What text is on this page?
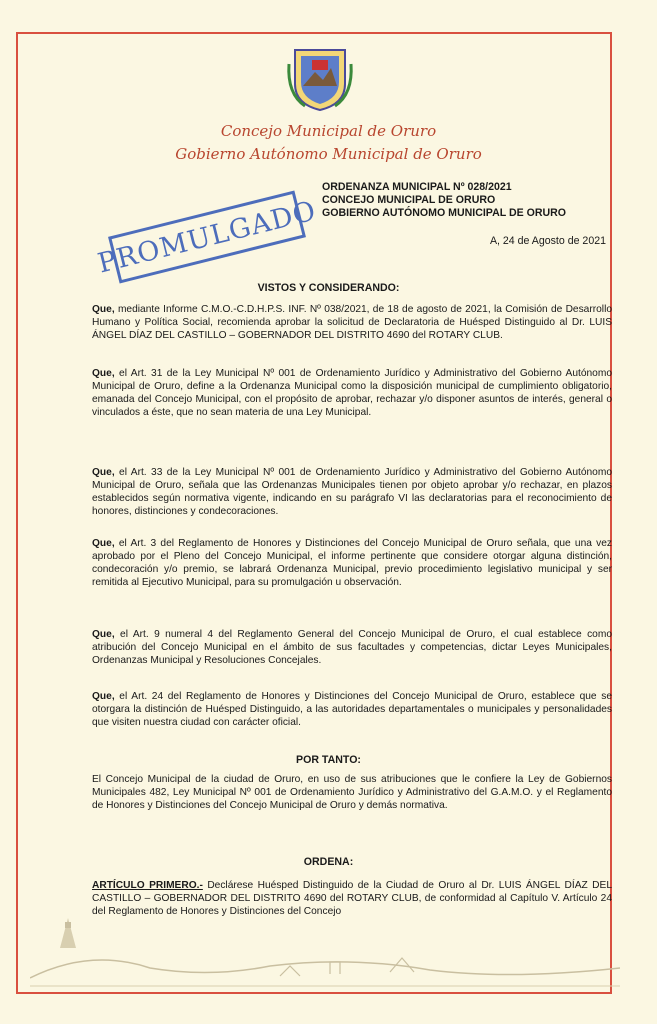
Concejo Municipal de Oruro
Gobierno Autónomo Municipal de Oruro
ORDENANZA MUNICIPAL Nº 028/2021
CONCEJO MUNICIPAL DE ORURO
GOBIERNO AUTÓNOMO MUNICIPAL DE ORURO
PROMULGADO	A, 24 de Agosto de 2021
VISTOS Y CONSIDERANDO:
Que, mediante Informe C.M.O.-C.D.H.P.S. INF. Nº 038/2021, de 18 de agosto de 2021, la Comisión de Desarrollo Humano y Política Social, recomienda aprobar la solicitud de Declaratoria de Huésped Distinguido al Dr. LUIS ÁNGEL DÍAZ DEL CASTILLO – GOBERNADOR DEL DISTRITO 4690 del ROTARY CLUB.
Que, el Art. 31 de la Ley Municipal Nº 001 de Ordenamiento Jurídico y Administrativo del Gobierno Autónomo Municipal de Oruro, define a la Ordenanza Municipal como la disposición municipal de cumplimiento obligatorio, emanada del Concejo Municipal, con el propósito de aprobar, rechazar y/o disponer asuntos de interés, general o vinculados a éste, que no sean materia de una Ley Municipal.
Que, el Art. 33 de la Ley Municipal Nº 001 de Ordenamiento Jurídico y Administrativo del Gobierno Autónomo Municipal de Oruro, señala que las Ordenanzas Municipales tienen por objeto aprobar y/o rechazar, en plazos establecidos según normativa vigente, indicando en su parágrafo VI las declaratorias para el reconocimiento de honores, distinciones y condecoraciones.
Que, el Art. 3 del Reglamento de Honores y Distinciones del Concejo Municipal de Oruro señala, que una vez aprobado por el Pleno del Concejo Municipal, el informe pertinente que considere otorgar alguna distinción, condecoración y/o premio, se labrará Ordenanza Municipal, previo procedimiento legislativo municipal y ser remitida al Ejecutivo Municipal, para su promulgación u observación.
Que, el Art. 9 numeral 4 del Reglamento General del Concejo Municipal de Oruro, el cual establece como atribución del Concejo Municipal en el ámbito de sus facultades y competencias, dictar Leyes Municipales, Ordenanzas Municipal y Resoluciones Concejales.
Que, el Art. 24 del Reglamento de Honores y Distinciones del Concejo Municipal de Oruro, establece que se otorgara la distinción de Huésped Distinguido, a las autoridades departamentales o municipales y personalidades que visiten nuestra ciudad con carácter oficial.
POR TANTO:
El Concejo Municipal de la ciudad de Oruro, en uso de sus atribuciones que le confiere la Ley de Gobiernos Municipales 482, Ley Municipal Nº 001 de Ordenamiento Jurídico y Administrativo del G.A.M.O. y el Reglamento de Honores y Distinciones del Concejo Municipal de Oruro y demás normativa.
ORDENA:
ARTÍCULO PRIMERO.- Declárese Huésped Distinguido de la Ciudad de Oruro al Dr. LUIS ÁNGEL DÍAZ DEL CASTILLO – GOBERNADOR DEL DISTRITO 4690 del ROTARY CLUB, de conformidad al Capítulo V. Artículo 24 del Reglamento de Honores y Distinciones del Concejo
